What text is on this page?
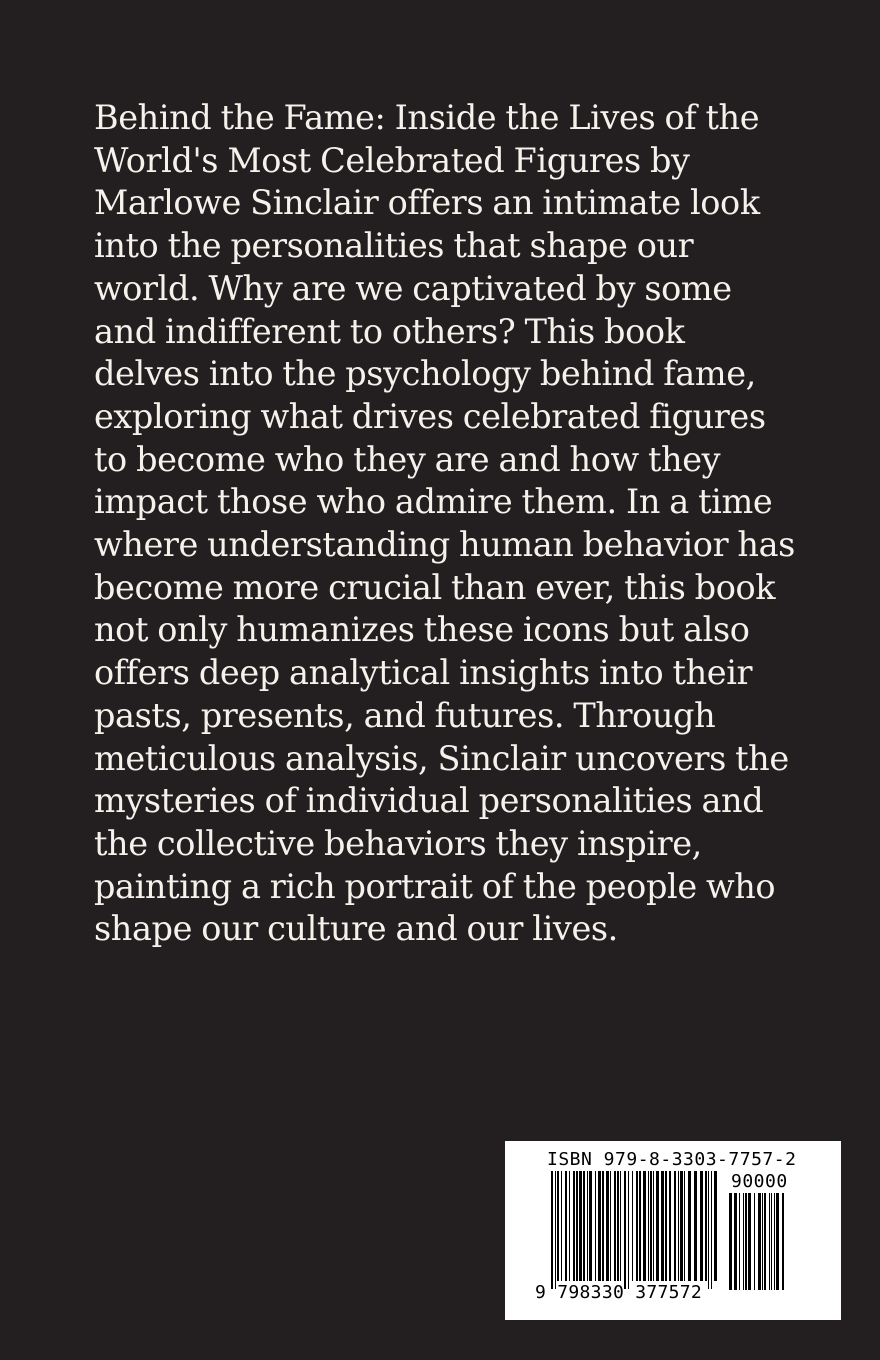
Behind the Fame: Inside the Lives of the
World's Most Celebrated Figures by
Marlowe Sinclair offers an intimate look
into the personalities that shape our
world. Why are we captivated by some
and indifferent to others? This book
delves into the psychology behind fame,
exploring what drives celebrated figures
to become who they are and how they
impact those who admire them. In a time
where understanding human behavior has
become more crucial than ever, this book
not only humanizes these icons but also
offers deep analytical insights into their
pasts, presents, and futures. Through
meticulous analysis, Sinclair uncovers the
mysteries of individual personalities and
the collective behaviors they inspire,
painting a rich portrait of the people who
shape our culture and our lives.
ISBN 979-8-3303-7757-2
90000
9 798330 377572
